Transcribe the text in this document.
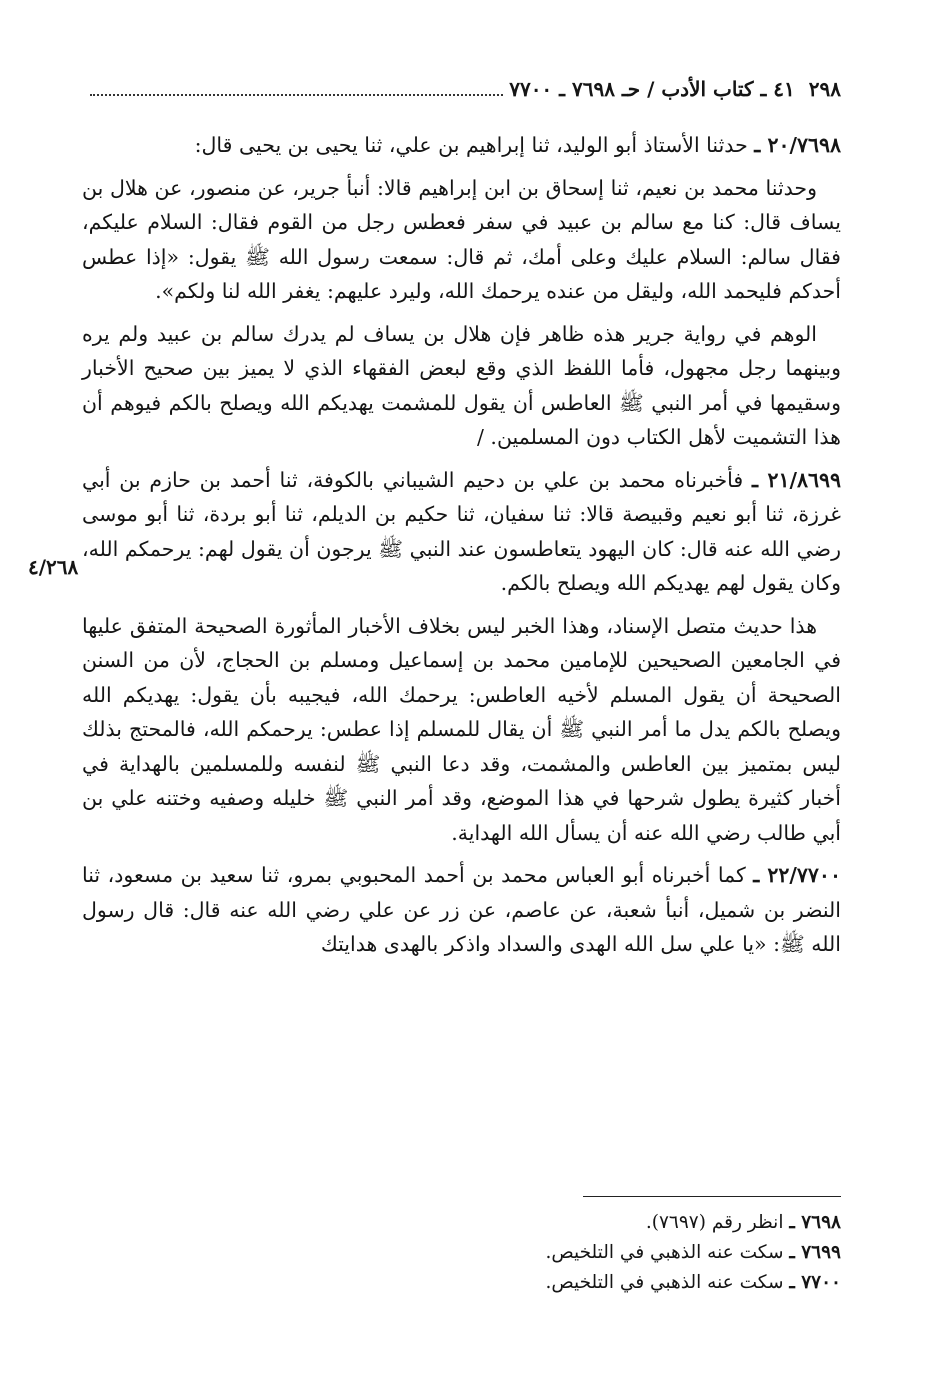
٢٩٨
٤١ ـ كتاب الأدب / حـ ٧٦٩٨ ـ ٧٧٠٠

٢٠/٧٦٩٨ ـ حدثنا الأستاذ أبو الوليد، ثنا إبراهيم بن علي، ثنا يحيى بن يحيى قال:

وحدثنا محمد بن نعيم، ثنا إسحاق بن ابن إبراهيم قالا: أنبأ جرير، عن منصور، عن هلال بن يساف قال: كنا مع سالم بن عبيد في سفر فعطس رجل من القوم فقال: السلام عليكم، فقال سالم: السلام عليك وعلى أمك، ثم قال: سمعت رسول الله ﷺ يقول: «إذا عطس أحدكم فليحمد الله، وليقل من عنده يرحمك الله، وليرد عليهم: يغفر الله لنا ولكم».

الوهم في رواية جرير هذه ظاهر فإن هلال بن يساف لم يدرك سالم بن عبيد ولم يره وبينهما رجل مجهول، فأما اللفظ الذي وقع لبعض الفقهاء الذي لا يميز بين صحيح الأخبار وسقيمها في أمر النبي ﷺ العاطس أن يقول للمشمت يهديكم الله ويصلح بالكم فيوهم أن هذا التشميت لأهل الكتاب دون المسلمين. /

٢١/٨٦٩٩ ـ فأخبرناه محمد بن علي بن دحيم الشيباني بالكوفة، ثنا أحمد بن حازم بن أبي غرزة، ثنا أبو نعيم وقبيصة قالا: ثنا سفيان، ثنا حكيم بن الديلم، ثنا أبو بردة، ثنا أبو موسى رضي الله عنه قال: كان اليهود يتعاطسون عند النبي ﷺ يرجون أن يقول لهم: يرحمكم الله، وكان يقول لهم يهديكم الله ويصلح بالكم.

هذا حديث متصل الإسناد، وهذا الخبر ليس بخلاف الأخبار المأثورة الصحيحة المتفق عليها في الجامعين الصحيحين للإمامين محمد بن إسماعيل ومسلم بن الحجاج، لأن من السنن الصحيحة أن يقول المسلم لأخيه العاطس: يرحمك الله، فيجيبه بأن يقول: يهديكم الله ويصلح بالكم يدل ما أمر النبي ﷺ أن يقال للمسلم إذا عطس: يرحمكم الله، فالمحتج بذلك ليس بمتميز بين العاطس والمشمت، وقد دعا النبي ﷺ لنفسه وللمسلمين بالهداية في أخبار كثيرة يطول شرحها في هذا الموضع، وقد أمر النبي ﷺ خليله وصفيه وختنه علي بن أبي طالب رضي الله عنه أن يسأل الله الهداية.

٢٢/٧٧٠٠ ـ كما أخبرناه أبو العباس محمد بن أحمد المحبوبي بمرو، ثنا سعيد بن مسعود، ثنا النضر بن شميل، أنبأ شعبة، عن عاصم، عن زر عن علي رضي الله عنه قال: قال رسول الله ﷺ: «يا علي سل الله الهدى والسداد واذكر بالهدى هدايتك

٤/٢٦٨

٧٦٩٨ ـ انظر رقم (٧٦٩٧).

٧٦٩٩ ـ سكت عنه الذهبي في التلخيص.

٧٧٠٠ ـ سكت عنه الذهبي في التلخيص.
